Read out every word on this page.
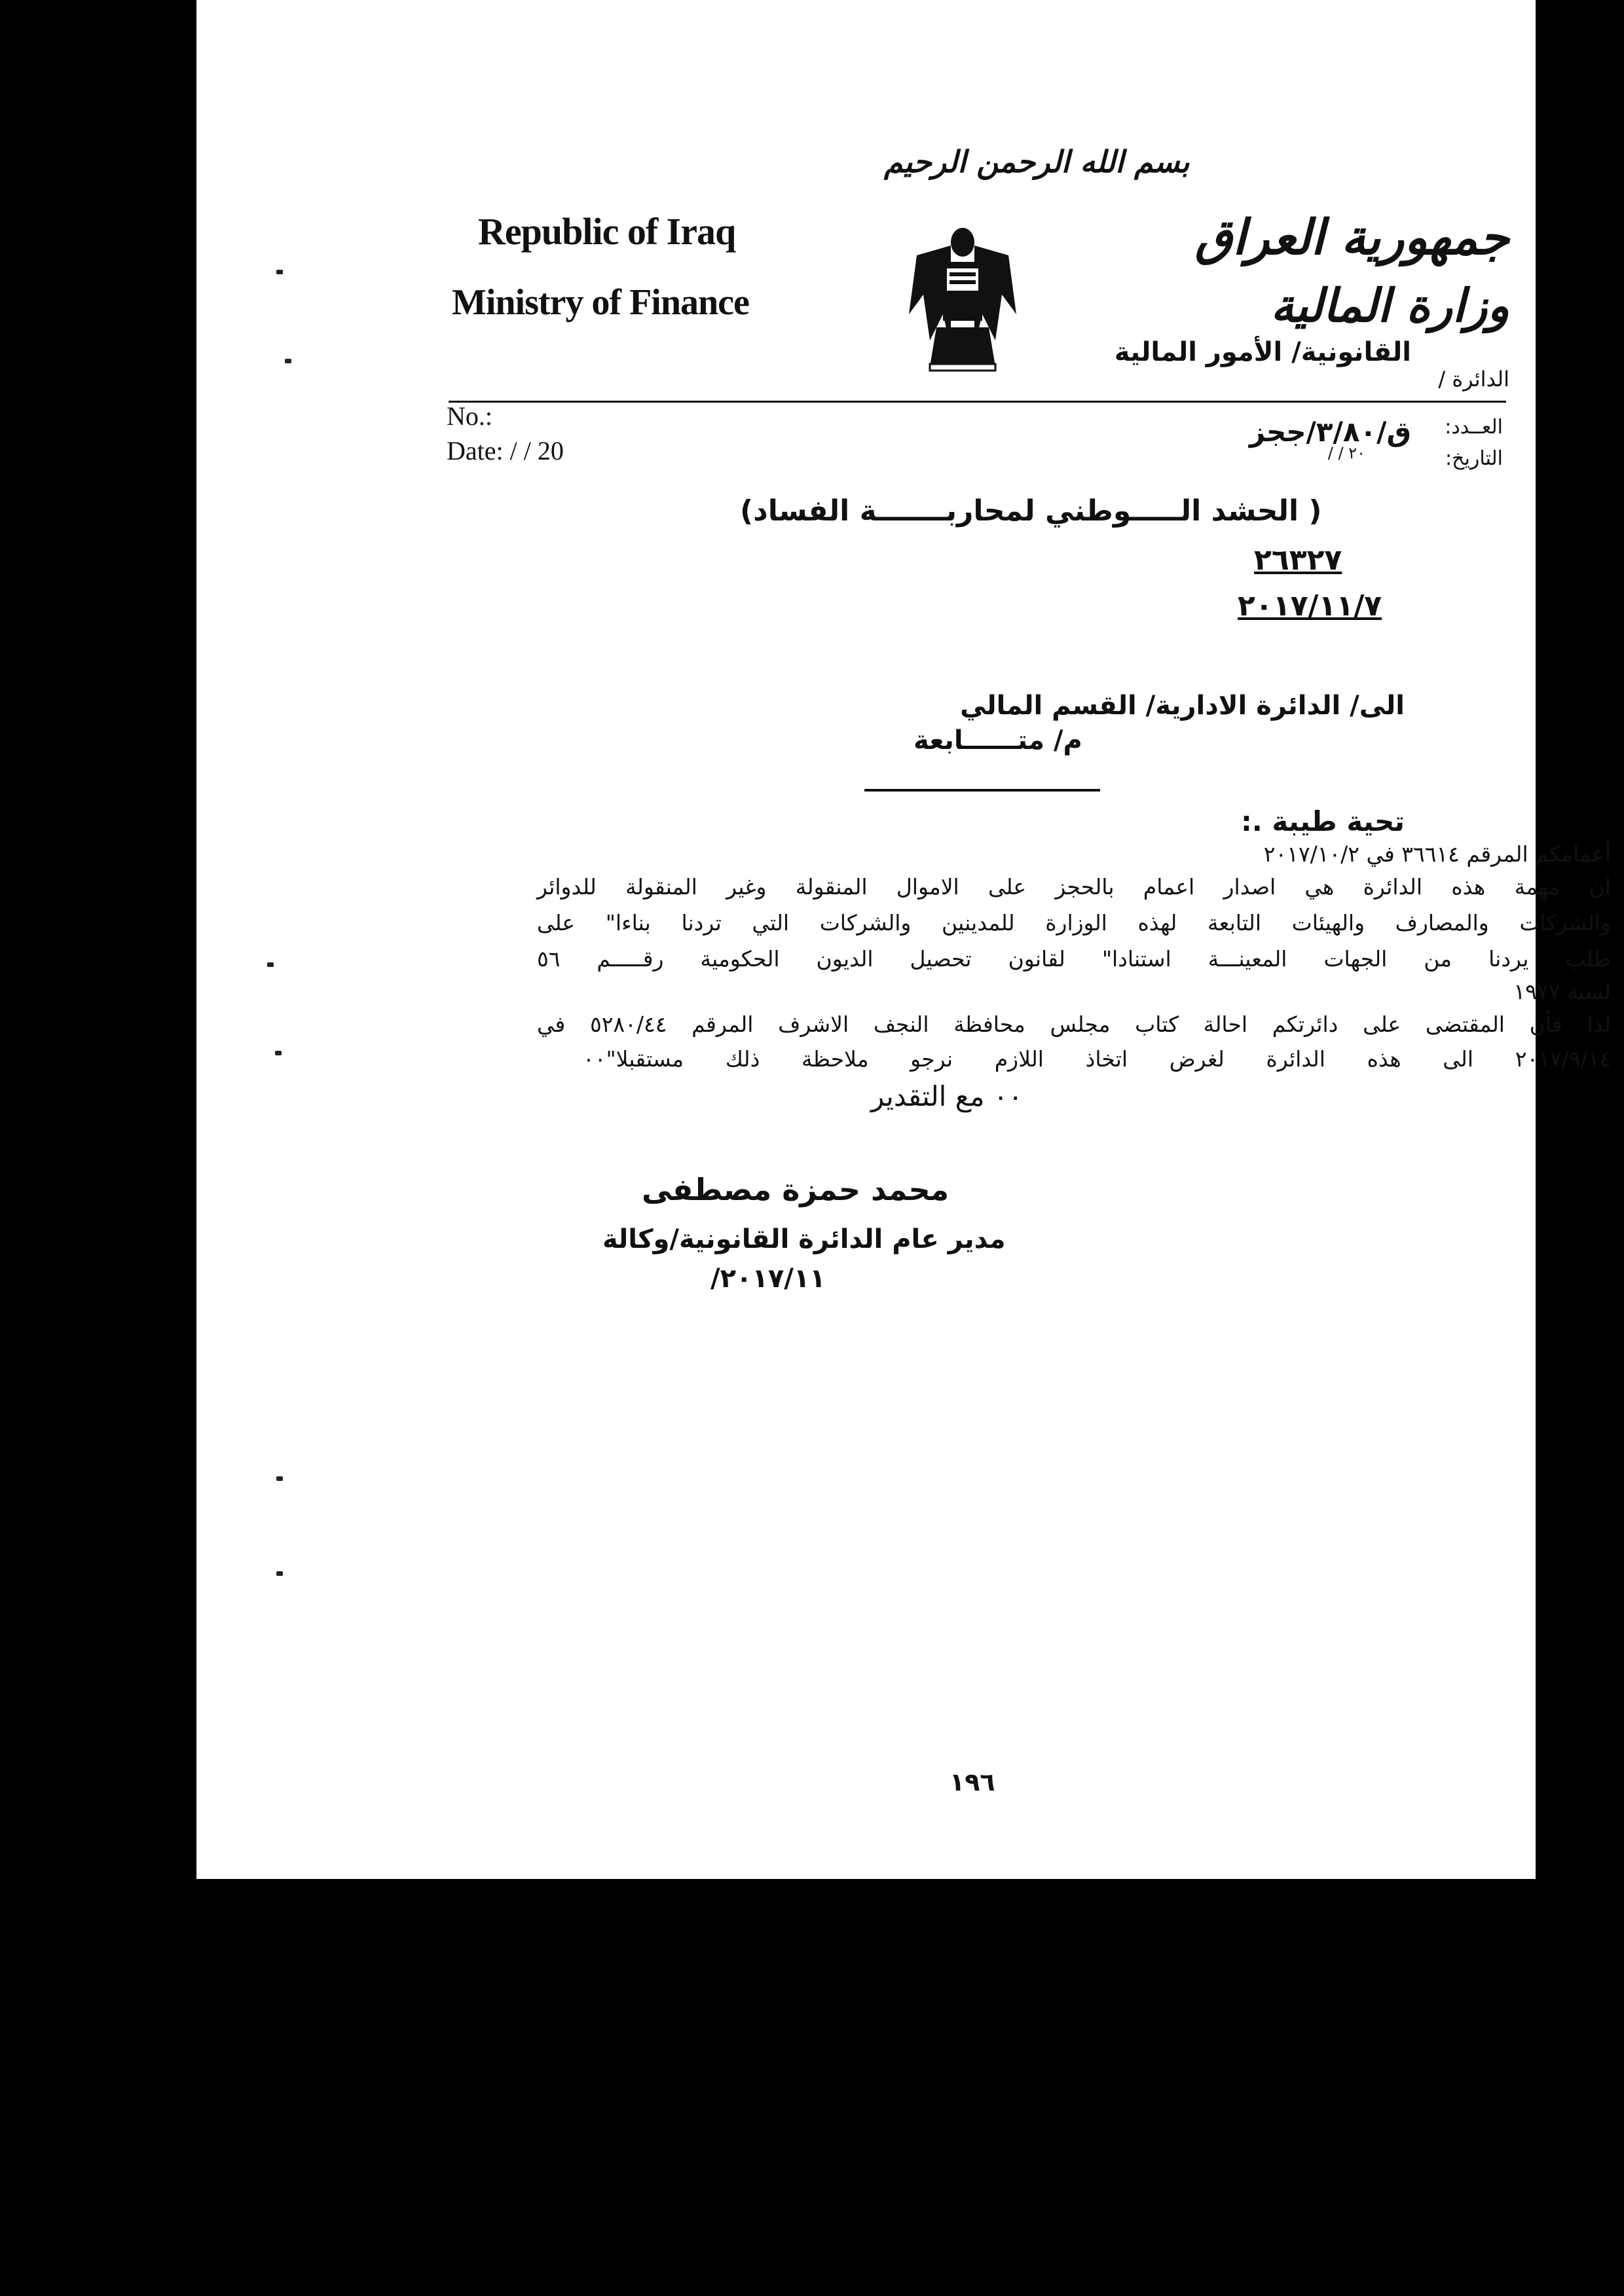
بسم الله الرحمن الرحيم
Republic of Iraq
Ministry of Finance
جمهورية العراق
وزارة المالية
القانونية/ الأمور المالية
الدائرة /
No.:
Date: / / 20
العــدد:
التاريخ:
ق/٣/٨٠/ججز
/ / ٢٠
( الحشد الـــــوطني لمحاربـــــــة الفساد)
٢٦٣٢٧
٢٠١٧/١١/٧
الى/ الدائرة الادارية/ القسم المالي
م/ متــــــابعة
تحية طيبة .:
أعمامكم المرقم ٣٦٦١٤ في ٢٠١٧/١٠/٢
ان مهمة هذه الدائرة هي اصدار اعمام بالحجز على الاموال المنقولة وغير المنقولة للدوائر
والشركات والمصارف والهيئات التابعة لهذه الوزارة للمدينين والشركات التي تردنا بناءا" على
طلب يردنا من الجهات المعينـــة استنادا" لقانون تحصيل الديون الحكومية رقـــــم ٥٦
لسنة ١٩٧٧
لذا فأن المقتضى على دائرتكم احالة كتاب مجلس محافظة النجف الاشرف المرقم ٥٢٨٠/٤٤ في
٢٠١٧/٩/١٤ الى هذه الدائرة لغرض اتخاذ اللازم نرجو ملاحظة ذلك مستقبلا"٠٠
٠٠ مع التقدير
محمد حمزة مصطفى
مدير عام الدائرة القانونية/وكالة
/٢٠١٧/١١
١٩٦
